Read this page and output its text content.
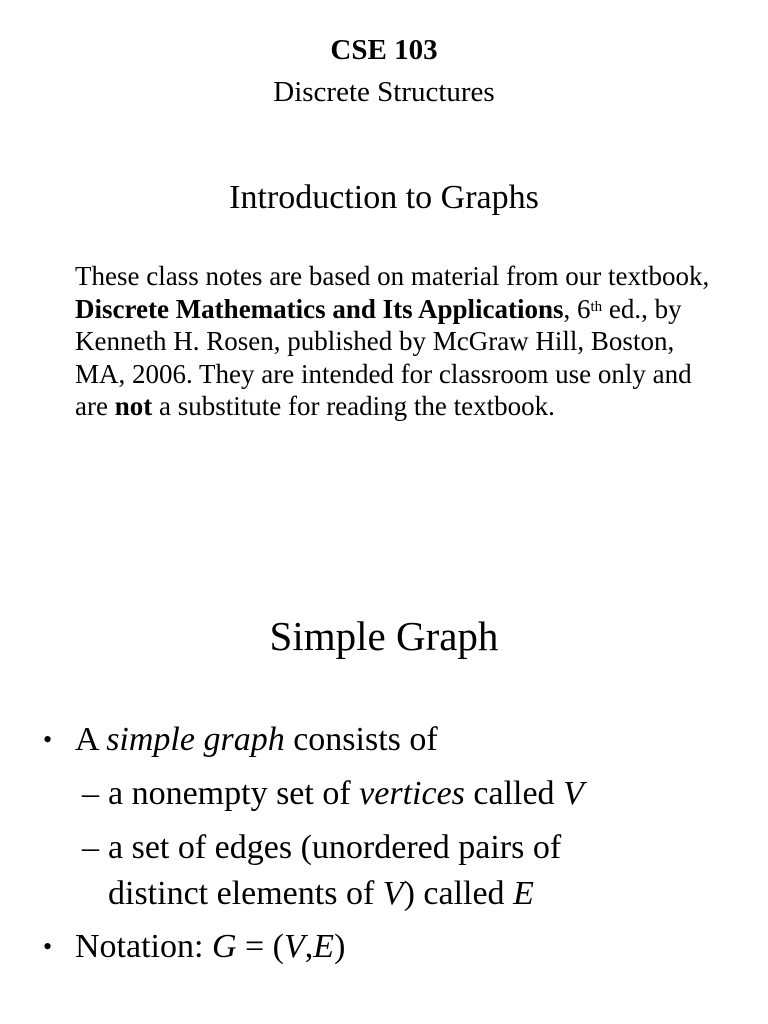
CSE 103
Discrete Structures
Introduction to Graphs
These class notes are based on material from our textbook, Discrete Mathematics and Its Applications, 6th ed., by Kenneth H. Rosen, published by McGraw Hill, Boston, MA, 2006. They are intended for classroom use only and are not a substitute for reading the textbook.
Simple Graph
• A simple graph consists of
– a nonempty set of vertices called V
– a set of edges (unordered pairs of distinct elements of V) called E
• Notation: G = (V,E)
